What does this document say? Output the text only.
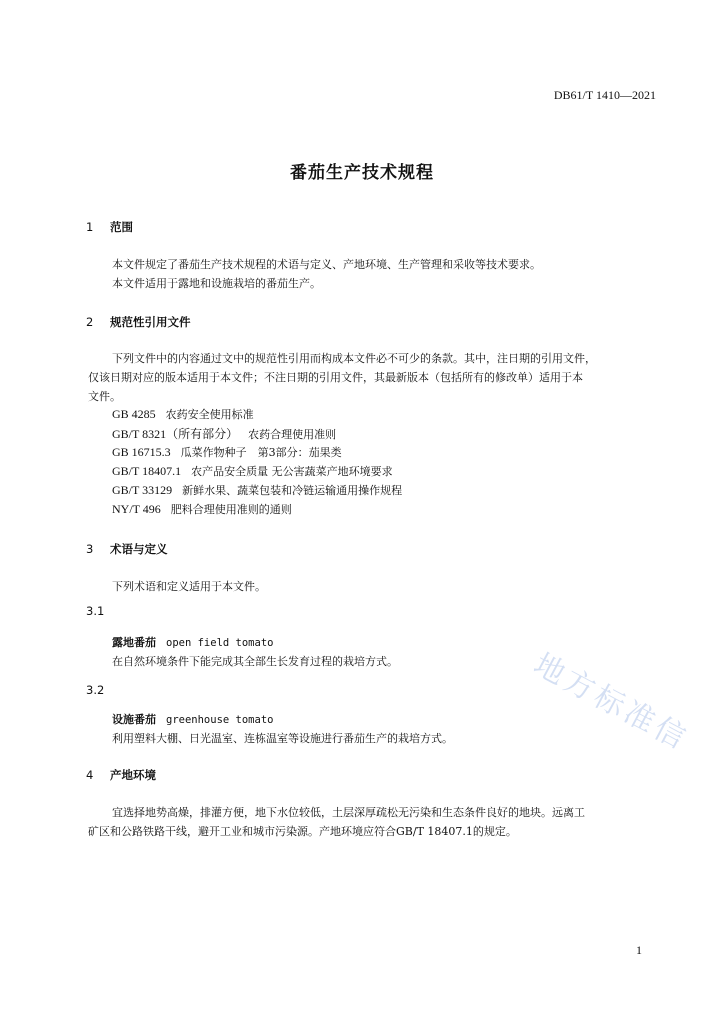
DB61/T 1410—2021
番茄生产技术规程
1 范围
本文件规定了番茄生产技术规程的术语与定义、产地环境、生产管理和采收等技术要求。
本文件适用于露地和设施栽培的番茄生产。
2 规范性引用文件
下列文件中的内容通过文中的规范性引用而构成本文件必不可少的条款。其中，注日期的引用文件，
仅该日期对应的版本适用于本文件；不注日期的引用文件，其最新版本（包括所有的修改单）适用于本
文件。
GB 4285 农药安全使用标准
GB/T 8321（所有部分） 农药合理使用准则
GB 16715.3 瓜菜作物种子　第3部分：茄果类
GB/T 18407.1 农产品安全质量 无公害蔬菜产地环境要求
GB/T 33129 新鲜水果、蔬菜包装和冷链运输通用操作规程
NY/T 496 肥料合理使用准则的通则
3 术语与定义
下列术语和定义适用于本文件。
3.1
露地番茄 open field tomato
在自然环境条件下能完成其全部生长发育过程的栽培方式。
3.2
设施番茄 greenhouse tomato
利用塑料大棚、日光温室、连栋温室等设施进行番茄生产的栽培方式。
4 产地环境
宜选择地势高燥，排灌方便，地下水位较低，土层深厚疏松无污染和生态条件良好的地块。远离工
矿区和公路铁路干线，避开工业和城市污染源。产地环境应符合GB/T 18407.1的规定。
1
地方标准信
